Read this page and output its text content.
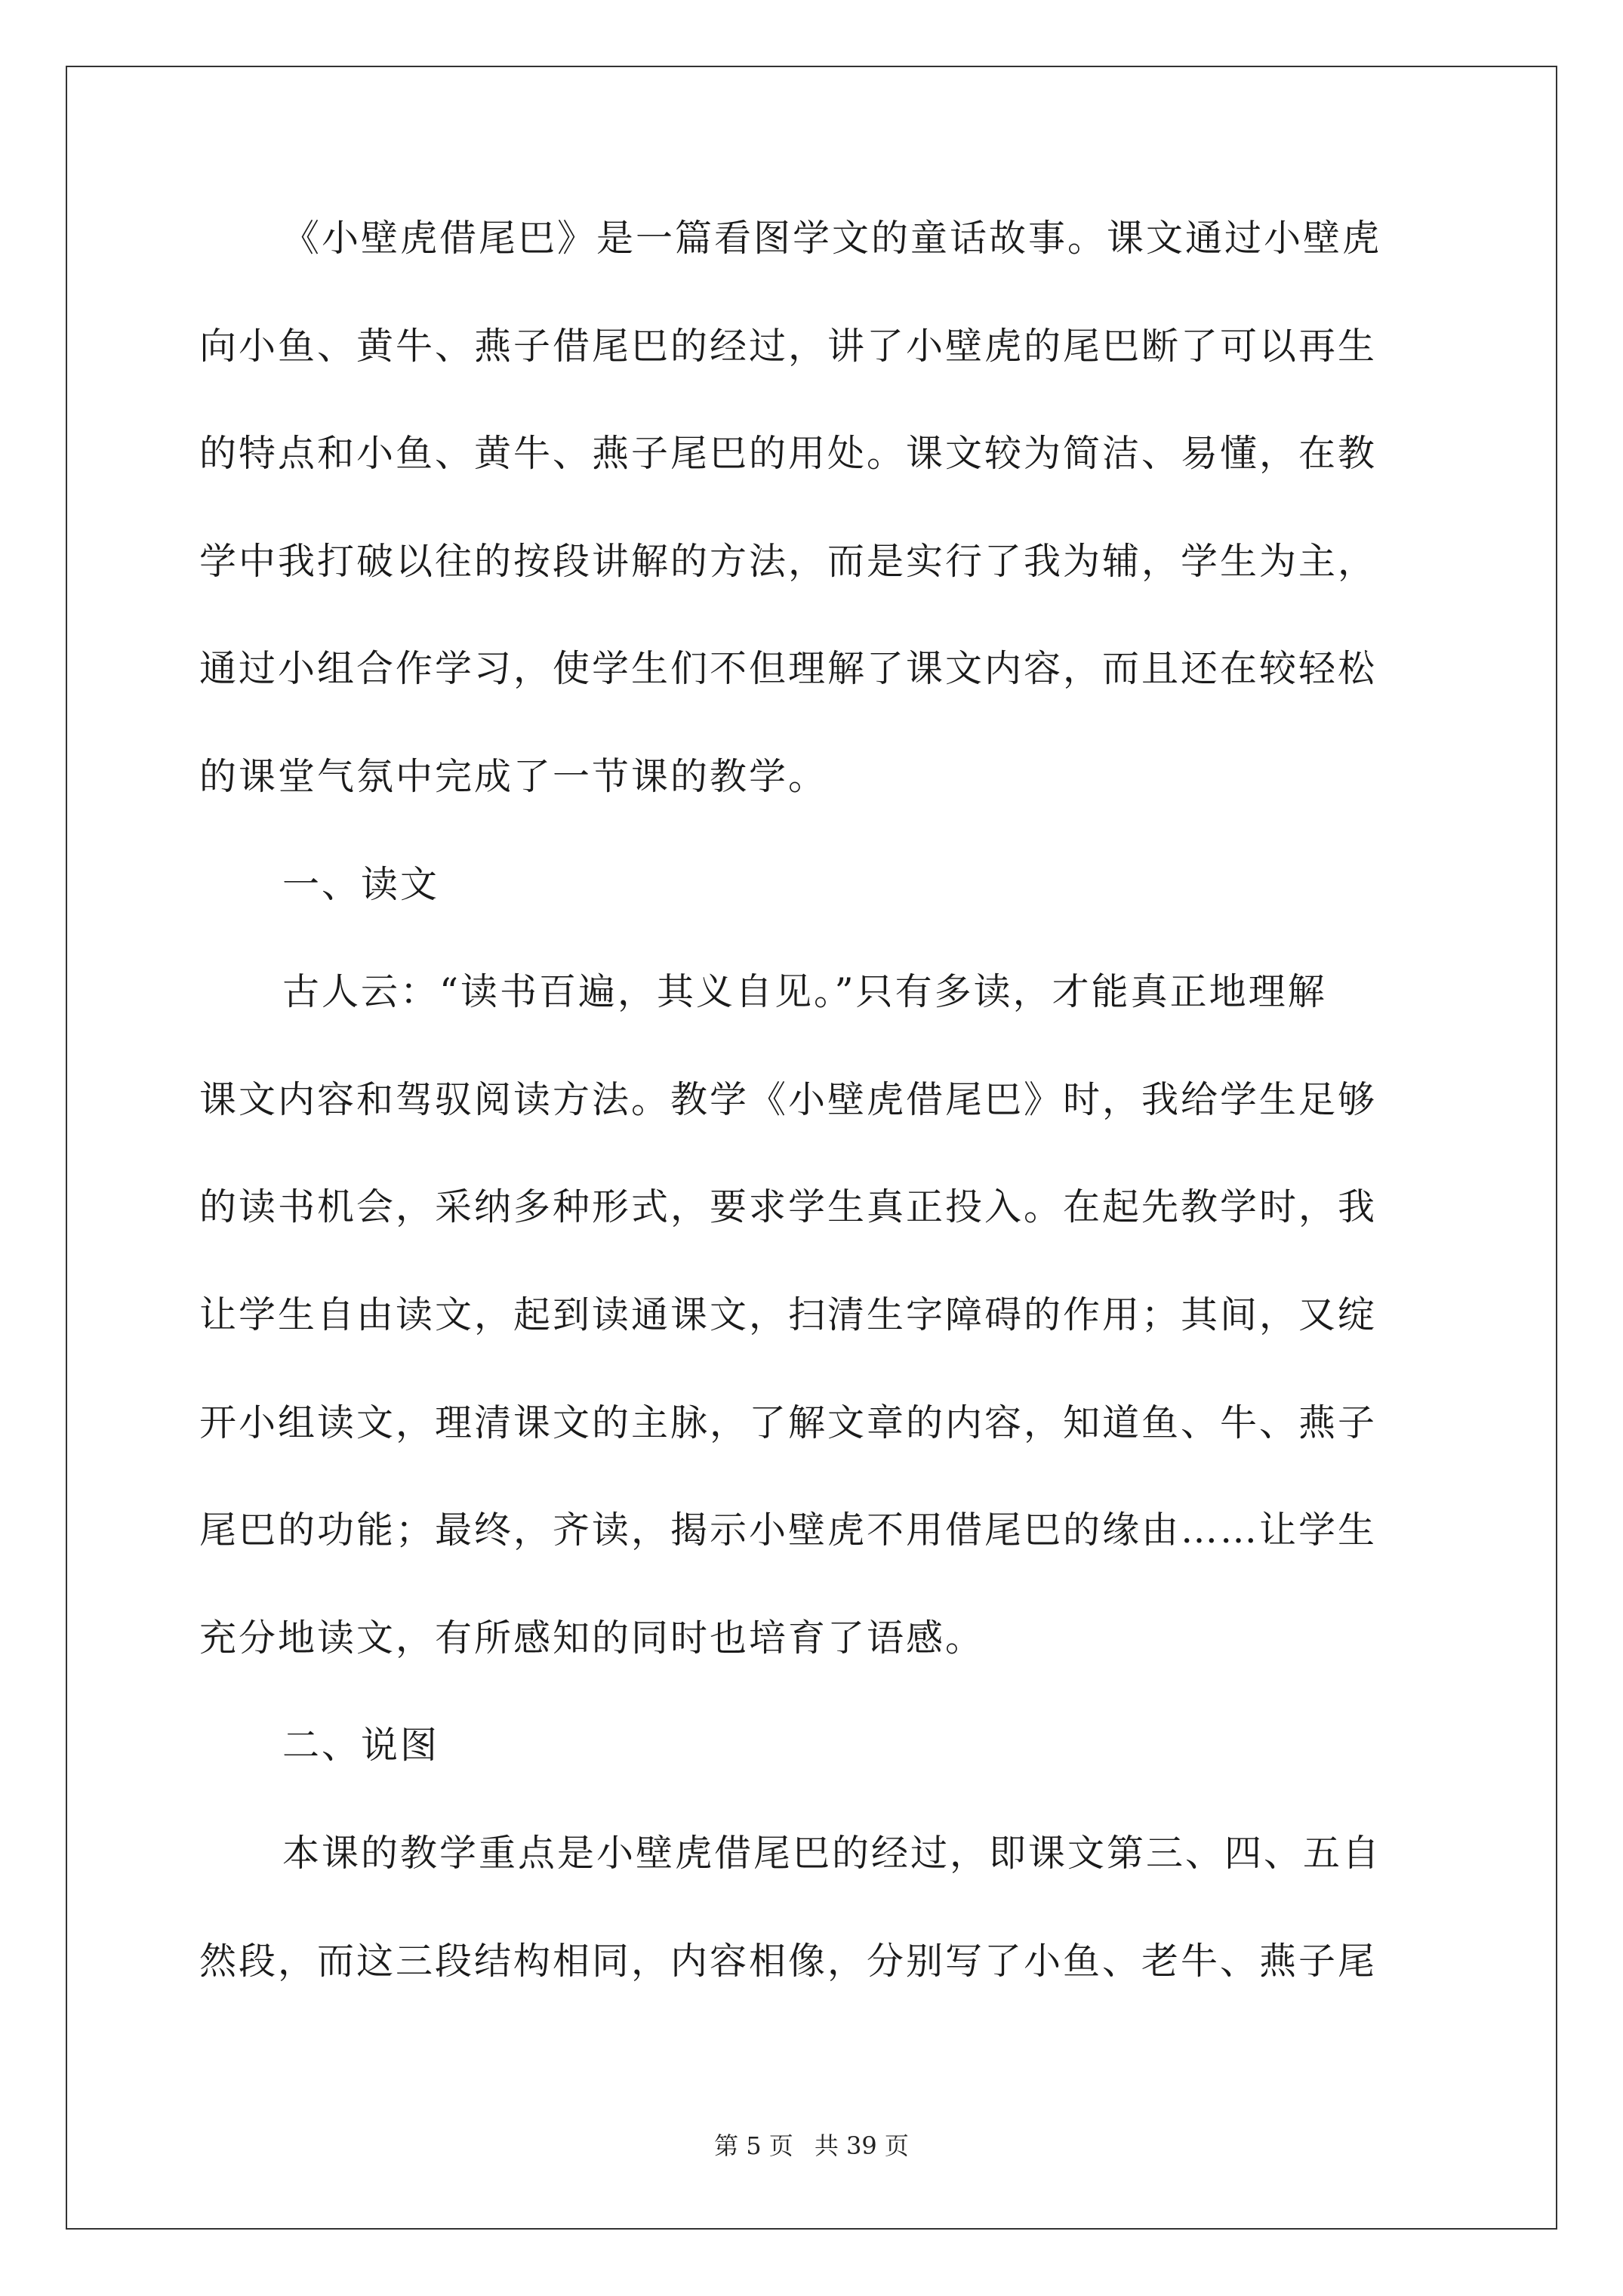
《小壁虎借尾巴》是一篇看图学文的童话故事。课文通过小壁虎
向小鱼、黄牛、燕子借尾巴的经过，讲了小壁虎的尾巴断了可以再生
的特点和小鱼、黄牛、燕子尾巴的用处。课文较为简洁、易懂，在教
学中我打破以往的按段讲解的方法，而是实行了我为辅，学生为主，
通过小组合作学习，使学生们不但理解了课文内容，而且还在较轻松
的课堂气氛中完成了一节课的教学。
一、读文
古人云：“读书百遍，其义自见。”只有多读，才能真正地理解
课文内容和驾驭阅读方法。教学《小壁虎借尾巴》时，我给学生足够
的读书机会，采纳多种形式，要求学生真正投入。在起先教学时，我
让学生自由读文，起到读通课文，扫清生字障碍的作用；其间，又绽
开小组读文，理清课文的主脉，了解文章的内容，知道鱼、牛、燕子
尾巴的功能；最终，齐读，揭示小壁虎不用借尾巴的缘由……让学生
充分地读文，有所感知的同时也培育了语感。
二、说图
本课的教学重点是小壁虎借尾巴的经过，即课文第三、四、五自
然段，而这三段结构相同，内容相像，分别写了小鱼、老牛、燕子尾
第 5 页 共 39 页
